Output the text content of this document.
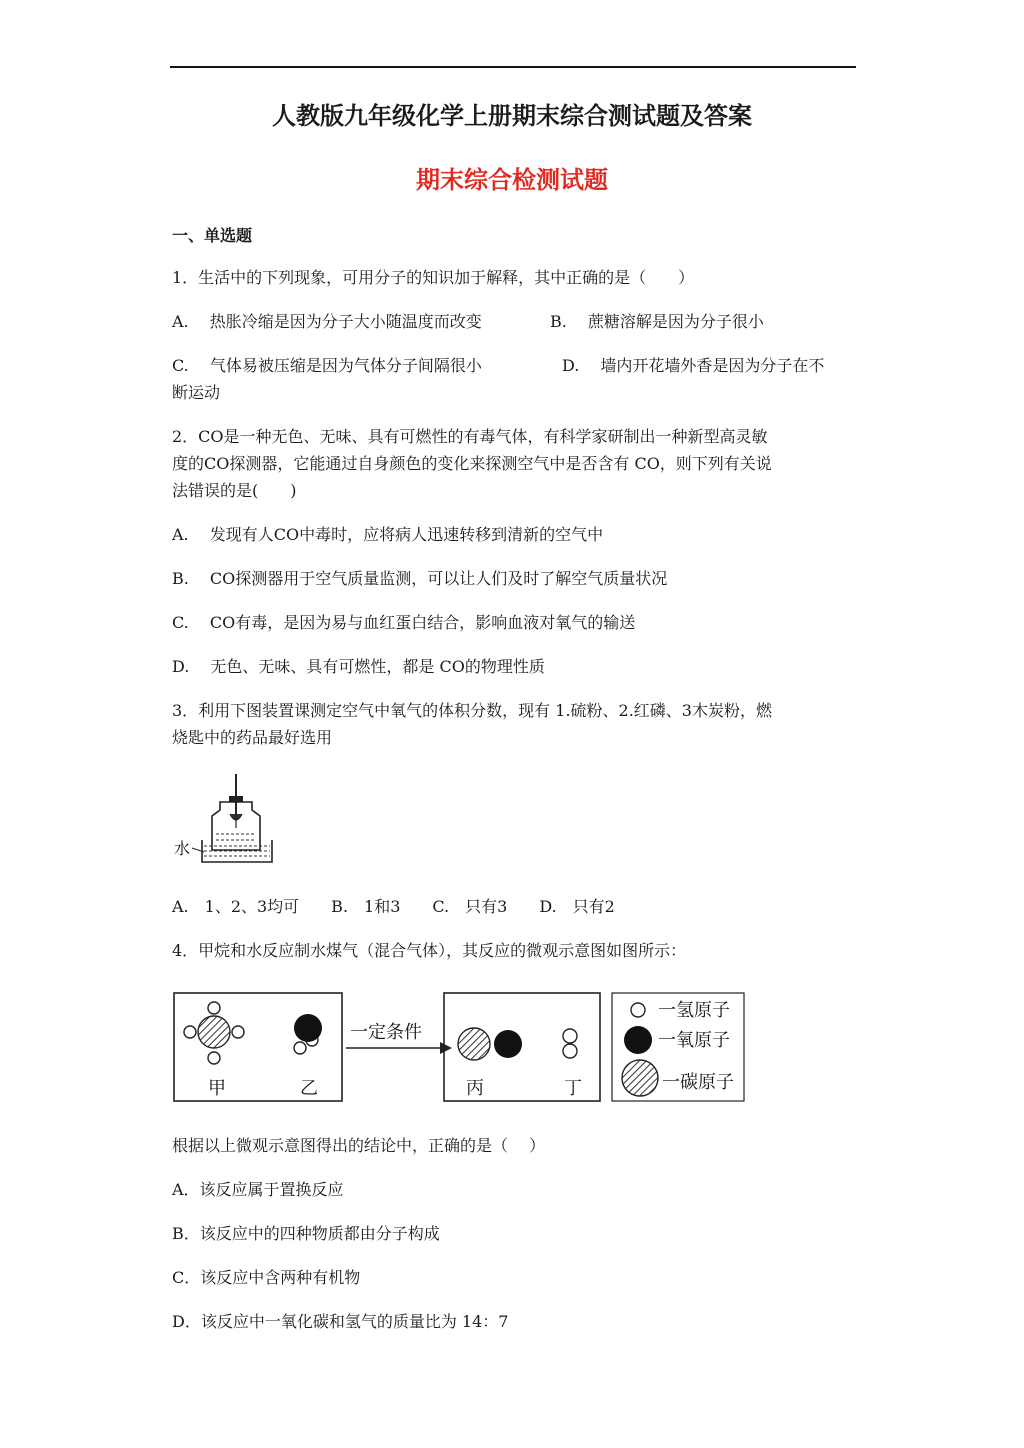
人教版九年级化学上册期末综合测试题及答案
期末综合检测试题
一、单选题
1．生活中的下列现象，可用分子的知识加于解释，其中正确的是（　　）
A.　 热胀冷缩是因为分子大小随温度而改变	B.　 蔗糖溶解是因为分子很小
C.　 气体易被压缩是因为气体分子间隔很小	D.　 墙内开花墙外香是因为分子在不
断运动
2．CO是一种无色、无味、具有可燃性的有毒气体，有科学家研制出一种新型高灵敏
度的CO探测器，它能通过自身颜色的变化来探测空气中是否含有 CO，则下列有关说
法错误的是(　　)
A.　 发现有人CO中毒时，应将病人迅速转移到清新的空气中
B.　 CO探测器用于空气质量监测，可以让人们及时了解空气质量状况
C.　 CO有毒，是因为易与血红蛋白结合，影响血液对氧气的输送
D.　 无色、无味、具有可燃性，都是 CO的物理性质
3．利用下图装置课测定空气中氧气的体积分数，现有 1.硫粉、2.红磷、3木炭粉，燃
烧匙中的药品最好选用
水
A.　1、2、3均可　　B.　1和3　　C.　只有3　　D.　只有2
4．甲烷和水反应制水煤气（混合气体），其反应的微观示意图如图所示：
甲	乙
一定条件
丙	丁
一氢原子
一氧原子
一碳原子
根据以上微观示意图得出的结论中，正确的是（　 ）
A．该反应属于置换反应
B．该反应中的四种物质都由分子构成
C．该反应中含两种有机物
D．该反应中一氧化碳和氢气的质量比为 14：7
